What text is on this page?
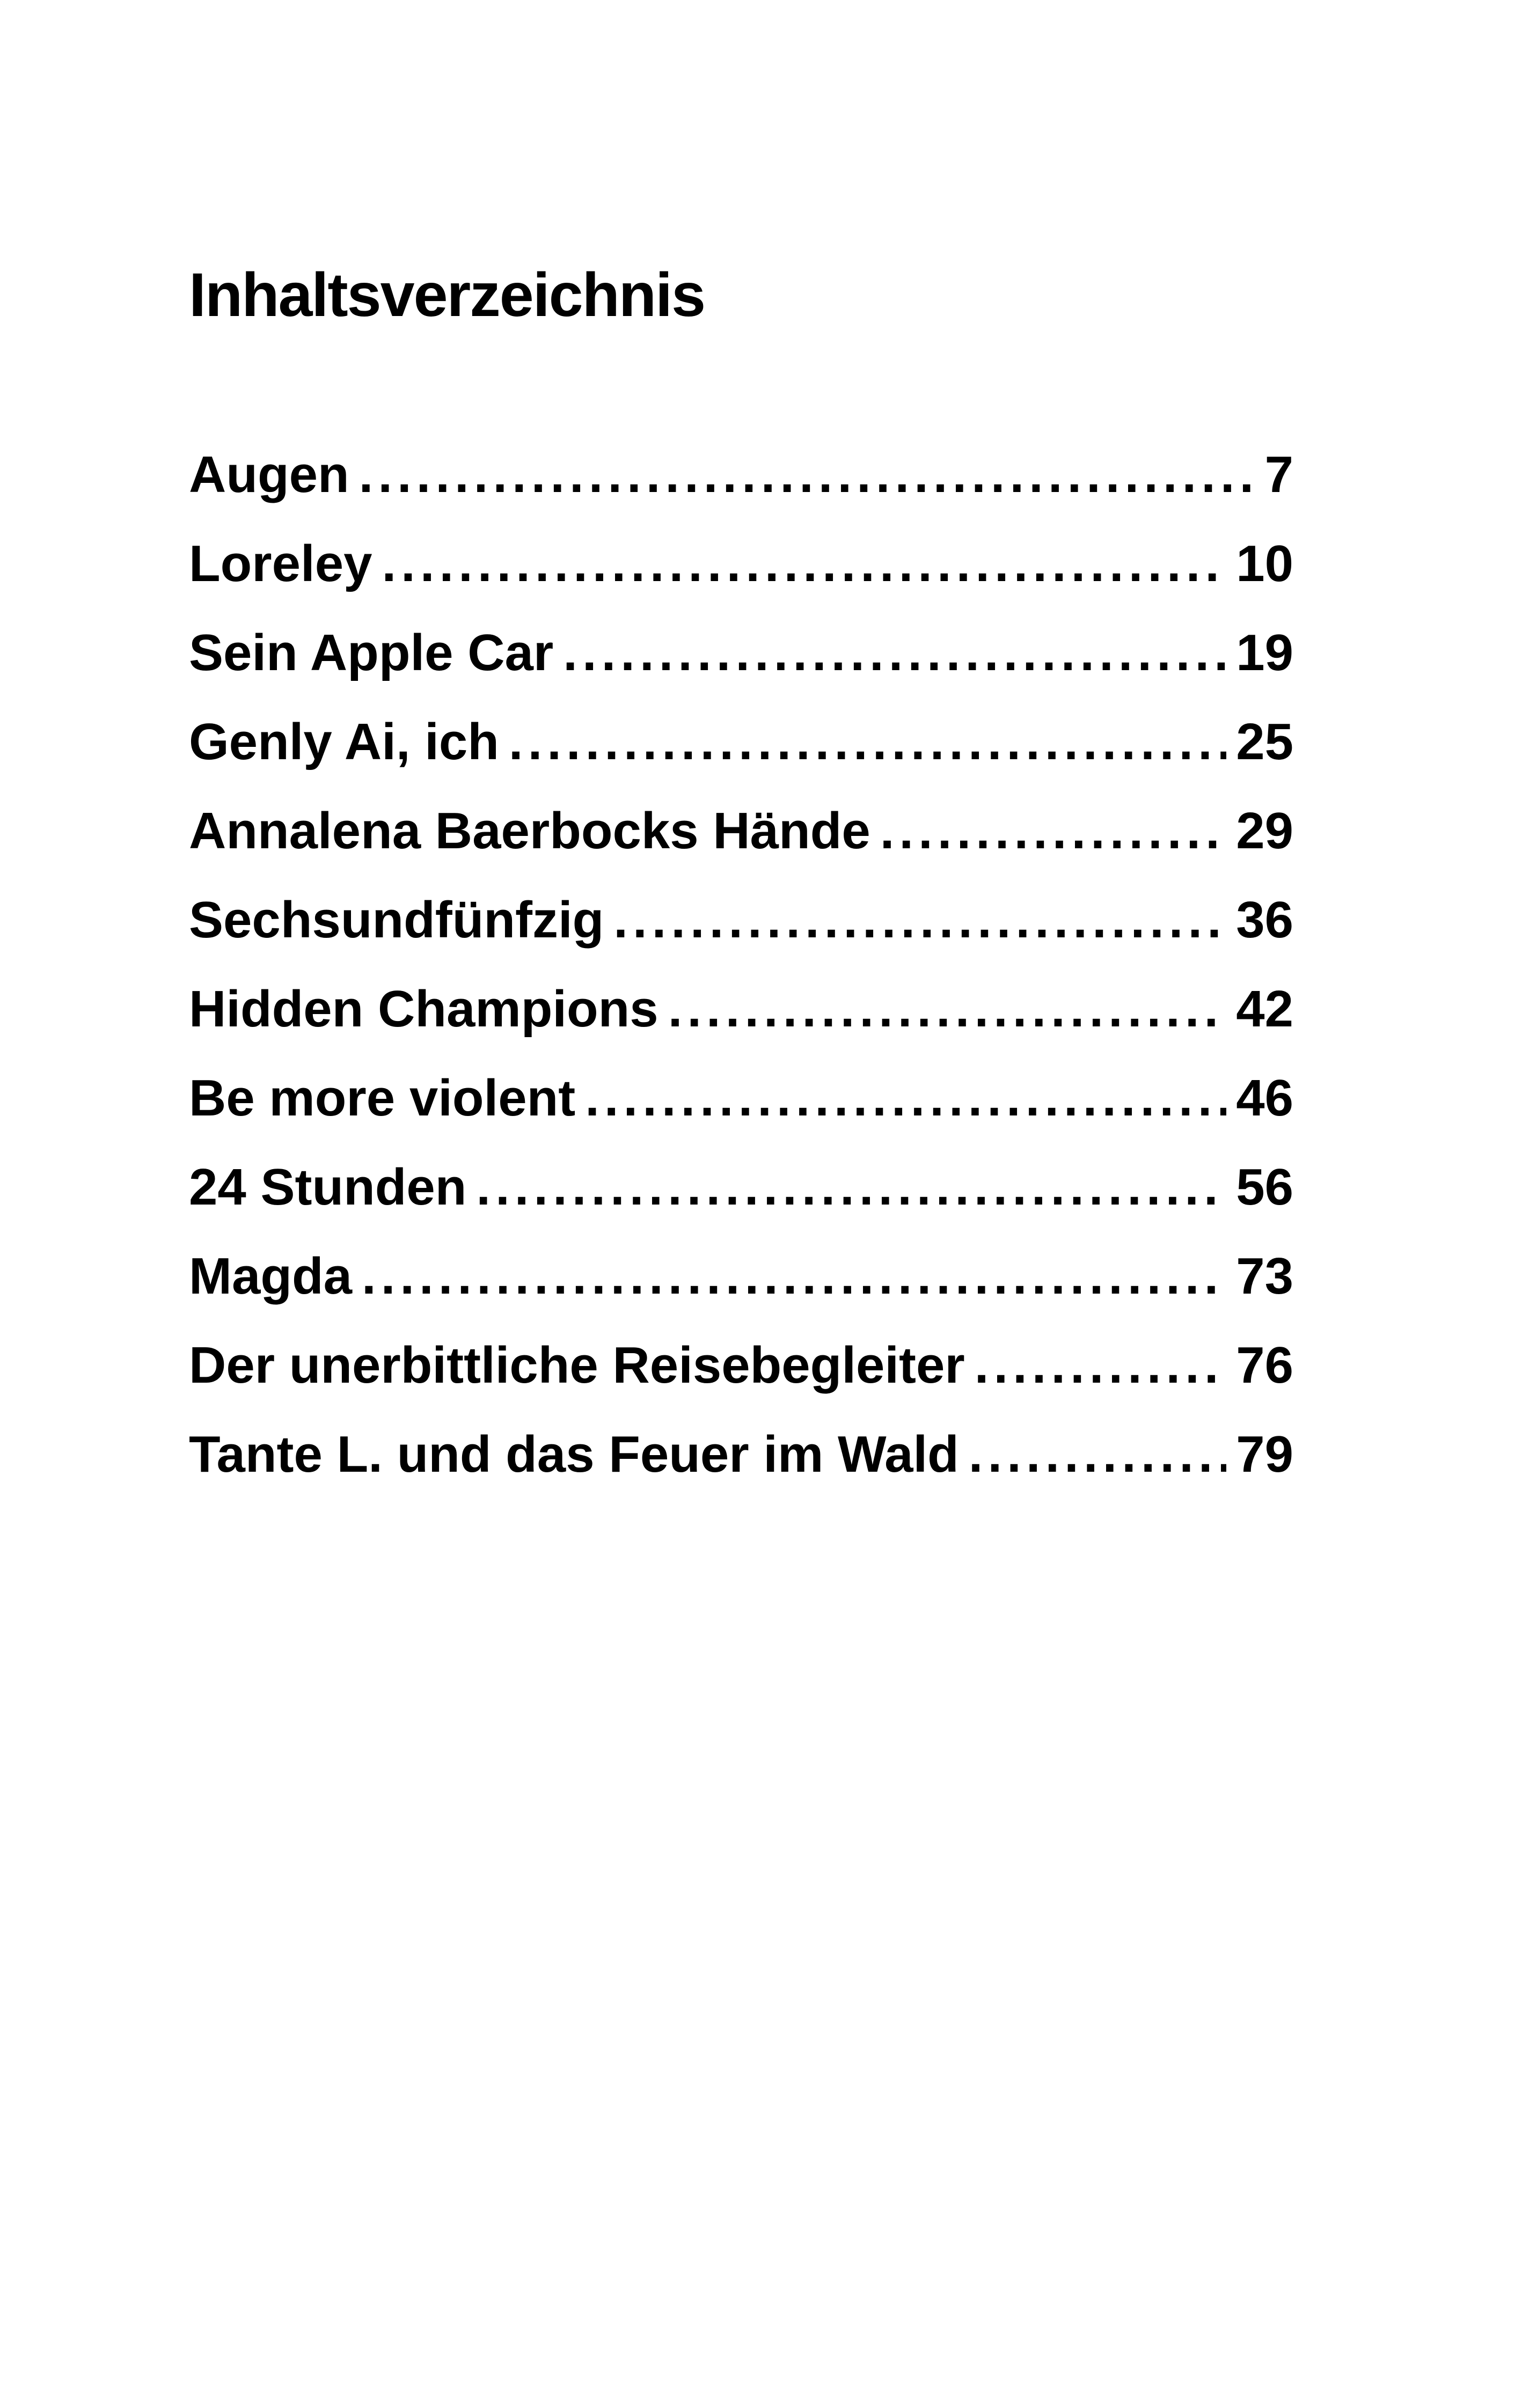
Inhaltsverzeichnis
Augen .....	7
Loreley .....	10
Sein Apple Car .....	19
Genly Ai, ich .....	25
Annalena Baerbocks Hände .....	29
Sechsundfünfzig .....	36
Hidden Champions .....	42
Be more violent .....	46
24 Stunden .....	56
Magda .....	73
Der unerbittliche Reisebegleiter .....	76
Tante L. und das Feuer im Wald .....	79
